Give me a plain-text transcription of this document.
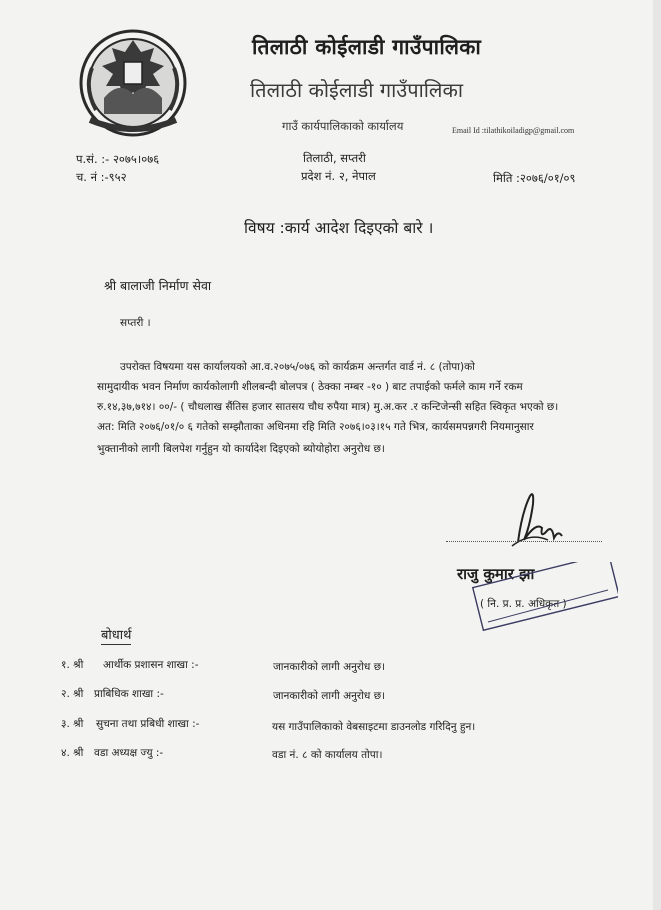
तिलाठी कोईलाडी गाउँपालिका
तिलाठी कोईलाडी गाउँपालिका
गाउँ कार्यपालिकाको कार्यालय	Email Id :tilathikoiladigp@gmail.com
प.सं. :- २०७५।०७६
च. नं :-९५२
तिलाठी, सप्तरी
प्रदेश नं. २, नेपाल	मिति :२०७६/०१/०९
विषय :कार्य आदेश दिइएको बारे ।
श्री बालाजी निर्माण सेवा
सप्तरी ।
उपरोक्त विषयमा यस कार्यालयको आ.व.२०७५/०७६ को कार्यक्रम अन्तर्गत वार्ड नं. ८ (तोपा)को
सामुदायीक भवन निर्माण कार्यकोलागी शीलबन्दी बोलपत्र ( ठेक्का नम्बर -१० ) बाट तपाईको फर्मले काम गर्ने रकम
रु.१४,३७,७१४। ००/- ( चौधलाख सैंतिस हजार सातसय चौध रुपैया मात्र) मु.अ.कर .र कन्टिजेन्सी सहित स्विकृत भएको छ।
अत: मिति २०७६/०१/० ६ गतेको सम्झौताका अधिनमा रहि मिति २०७६।०३।१५ गते भित्र, कार्यसमपन्नगरी नियमानुसार
भुक्तानीको लागी बिलपेश गर्नुहुन यो कार्यादेश दिइएको ब्योयोहोरा अनुरोध छ।
राजु कुमार झा
( नि. प्र. प्र. अधिकृत )
बोधार्थ
१. श्री आर्थीक प्रशासन शाखा :-	जानकारीको लागी अनुरोध छ।
२. श्री प्राबिधिक शाखा :-	जानकारीको लागी अनुरोध छ।
३. श्री सुचना तथा प्रबिधी शाखा :-	यस गाउँपालिकाको वेबसाइटमा डाउनलोड गरिदिनु हुन।
४. श्री वडा अध्यक्ष ज्यु :-	वडा नं. ८ को कार्यालय तोपा।
